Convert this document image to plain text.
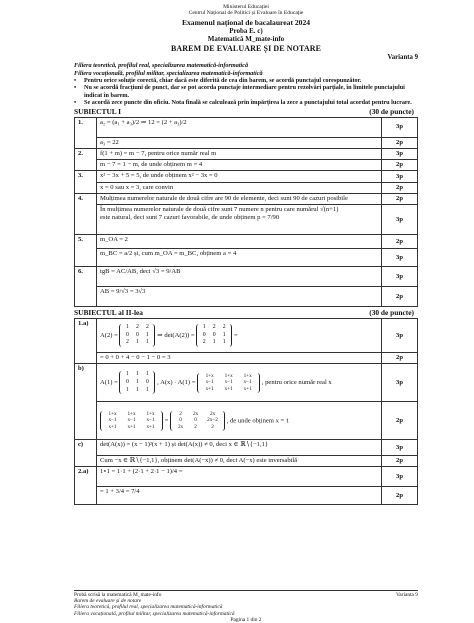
Ministerul Educației
Centrul Național de Politici și Evaluare în Educație
Examenul național de bacalaureat 2024
Proba E. c)
Matematică M_mate-info
BAREM DE EVALUARE ȘI DE NOTARE
Varianta 9
Filiera teoretică, profilul real, specializarea matematică-informatică
Filiera vocațională, profilul militar, specializarea matematică-informatică
•	Pentru orice soluție corectă, chiar dacă este diferită de cea din barem, se acordă punctajul corespunzător.
•	Nu se acordă fracțiuni de punct, dar se pot acorda punctaje intermediare pentru rezolvări parțiale, în limitele punctajului indicat în barem.
•	Se acordă zece puncte din oficiu. Nota finală se calculează prin împărțirea la zece a punctajului total acordat pentru lucrare.
SUBIECTUL I	(30 de puncte)
1.	a₂ = (a₁ + a₃)/2 ⇒ 12 = (2 + a₃)/2	3p

	a₃ = 22	2p
2.	f(1 + m) = m − 7, pentru orice număr real m	3p

	m − 7 = 1 − m, de unde obținem m = 4	2p
3.	x² − 3x + 5 = 5, de unde obținem x² − 3x = 0	3p

	x = 0 sau x = 3, care convin	2p
4.	Mulțimea numerelor naturale de două cifre are 90 de elemente, deci sunt 90 de cazuri posibile	2p

	În mulțimea numerelor naturale de două cifre sunt 7 numere n pentru care numărul √(n+1)
este natural, deci sunt 7 cazuri favorabile, de unde obținem p = 7/90	3p
5.	m_OA = 2	2p

	m_BC = a/2 și, cum m_OA = m_BC, obținem a = 4	3p
6.	tgB = AC/AB, deci √3 = 9/AB	3p

	AB = 9/√3 = 3√3	2p
SUBIECTUL al II-lea	(30 de puncte)
1.a)	A(2) = 1 2 2
0 0 1
2 1 1 ⇒ det(A(2)) = 1 2 2
0 0 1
2 1 1 =	3p

	= 0 + 0 + 4 − 0 − 1 − 0 = 3	2p
b)	A(1) = 1 1 1
0 1 0
1 1 1 , A(x) · A(1) = 1+x 1+x 1+x
x−1 x−1 x−1
x+1 x+1 x+1 , pentru orice număr real x	3p

	1+x 1+x 1+x
x−1 x−1 x−1
x+1 x+1 x+1 = 2 2x 2x
0 0 2x−2
2x 2 2 , de unde obținem x = 1	2p
c)	det(A(x)) = (x − 1)²(x + 1) și det(A(x)) ≠ 0, deci x ∈ ℝ∖{−1,1}	3p

	Cum −x ∈ ℝ∖{−1,1}, obținem det(A(−x)) ≠ 0, deci A(−x) este inversabilă	2p
2.a)	1∘1 = 1·1 + (2·1 + 2·1 − 1)/4 =	3p

	= 1 + 3/4 = 7/4	2p
Probă scrisă la matematică M_mate-info	Varianta 9
Barem de evaluare și de notare
Filiera teoretică, profilul real, specializarea matematică-informatică
Filiera vocațională, profilul militar, specializarea matematică-informatică
Pagina 1 din 2
